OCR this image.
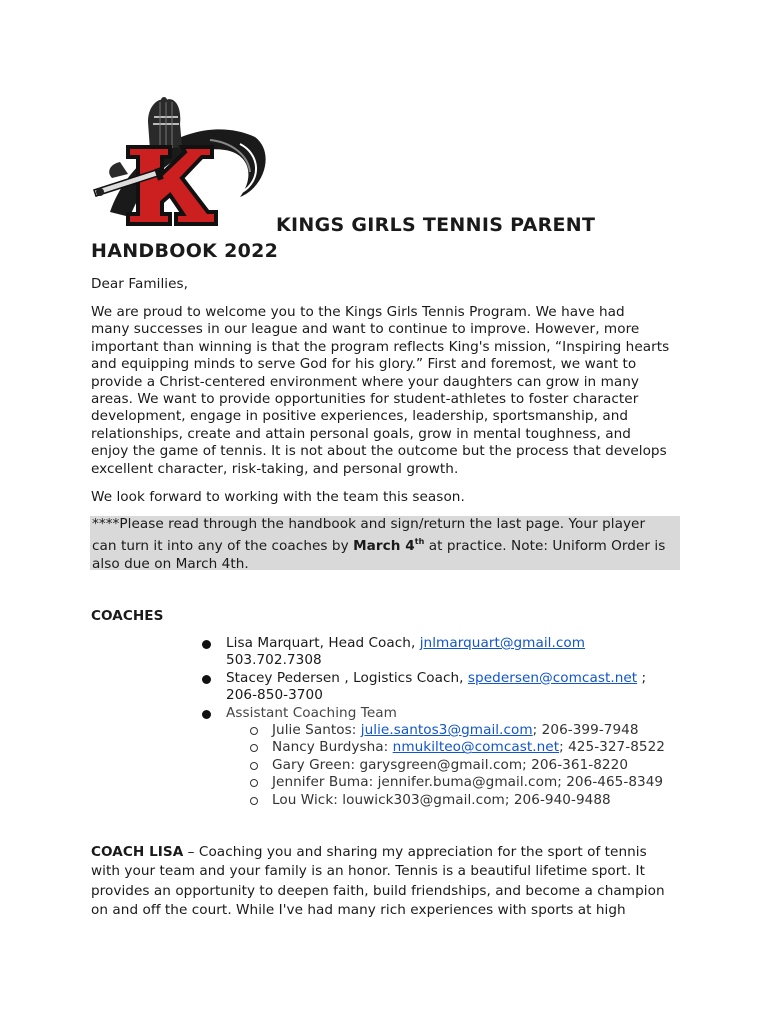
K
KINGS GIRLS TENNIS PARENT
HANDBOOK 2022
Dear Families,
We are proud to welcome you to the Kings Girls Tennis Program. We have had
many successes in our league and want to continue to improve. However, more
important than winning is that the program reflects King's mission, “Inspiring hearts
and equipping minds to serve God for his glory.” First and foremost, we want to
provide a Christ-centered environment where your daughters can grow in many
areas. We want to provide opportunities for student-athletes to foster character
development, engage in positive experiences, leadership, sportsmanship, and
relationships, create and attain personal goals, grow in mental toughness, and
enjoy the game of tennis. It is not about the outcome but the process that develops
excellent character, risk-taking, and personal growth.
We look forward to working with the team this season.
****Please read through the handbook and sign/return the last page. Your player
can turn it into any of the coaches by March 4th at practice. Note: Uniform Order is
also due on March 4th.
COACHES
Lisa Marquart, Head Coach, jnlmarquart@gmail.com
503.702.7308
Stacey Pedersen , Logistics Coach, spedersen@comcast.net ;
206-850-3700
Assistant Coaching Team
Julie Santos: julie.santos3@gmail.com; 206-399-7948
Nancy Burdysha: nmukilteo@comcast.net; 425-327-8522
Gary Green: garysgreen@gmail.com; 206-361-8220
Jennifer Buma: jennifer.buma@gmail.com; 206-465-8349
Lou Wick: louwick303@gmail.com; 206-940-9488
COACH LISA – Coaching you and sharing my appreciation for the sport of tennis
with your team and your family is an honor. Tennis is a beautiful lifetime sport. It
provides an opportunity to deepen faith, build friendships, and become a champion
on and off the court. While I've had many rich experiences with sports at high
